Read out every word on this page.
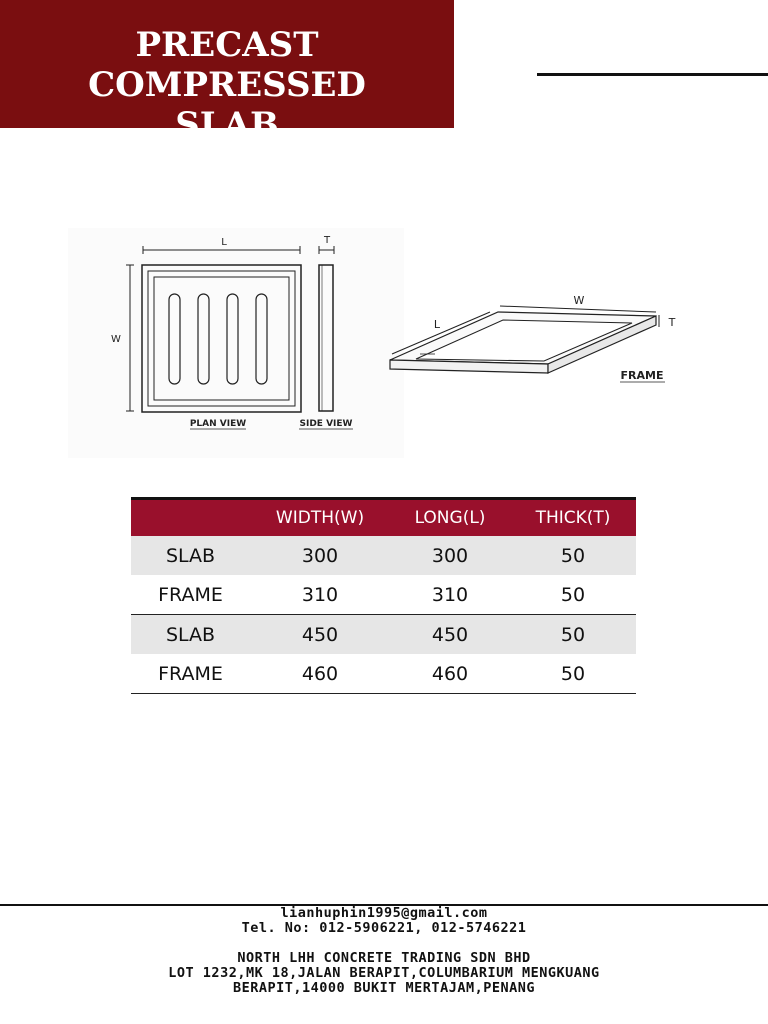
PRECAST COMPRESSED
SLAB
L
W
T
PLAN VIEW	SIDE VIEW
W
L	T
FRAME
	WIDTH(W)	LONG(L)	THICK(T)
SLAB	300	300	50
FRAME	310	310	50
SLAB	450	450	50
FRAME	460	460	50
lianhuphin1995@gmail.com
Tel. No: 012-5906221, 012-5746221
NORTH LHH CONCRETE TRADING SDN BHD
LOT 1232,MK 18,JALAN BERAPIT,COLUMBARIUM MENGKUANG
BERAPIT,14000 BUKIT MERTAJAM,PENANG
